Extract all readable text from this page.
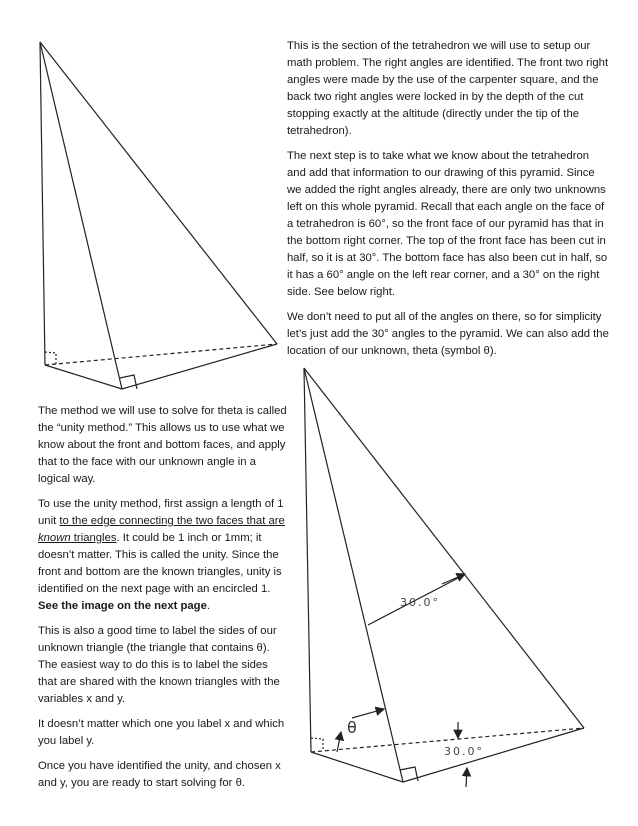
This is the section of the tetrahedron we will use to setup our math problem. The right angles are identified. The front two right angles were made by the use of the carpenter square, and the back two right angles were locked in by the depth of the cut stopping exactly at the altitude (directly under the tip of the tetrahedron).

The next step is to take what we know about the tetrahedron and add that information to our drawing of this pyramid. Since we added the right angles already, there are only two unknowns left on this whole pyramid. Recall that each angle on the face of a tetrahedron is 60°, so the front face of our pyramid has that in the bottom right corner. The top of the front face has been cut in half, so it is at 30°. The bottom face has also been cut in half, so it has a 60° angle on the left rear corner, and a 30° on the right side. See below right.

We don’t need to put all of the angles on there, so for simplicity let’s just add the 30° angles to the pyramid. We can also add the location of our unknown, theta (symbol θ).

The method we will use to solve for theta is called the “unity method.” This allows us to use what we know about the front and bottom faces, and apply that to the face with our unknown angle in a logical way.

To use the unity method, first assign a length of 1 unit to the edge connecting the two faces that are known triangles. It could be 1 inch or 1mm; it doesn’t matter. This is called the unity. Since the front and bottom are the known triangles, unity is identified on the next page with an encircled 1. See the image on the next page.

This is also a good time to label the sides of our unknown triangle (the triangle that contains θ). The easiest way to do this is to label the sides that are shared with the known triangles with the variables x and y.

It doesn’t matter which one you label x and which you label y.

Once you have identified the unity, and chosen x and y, you are ready to start solving for θ.

30.0°
30.0°
θ
